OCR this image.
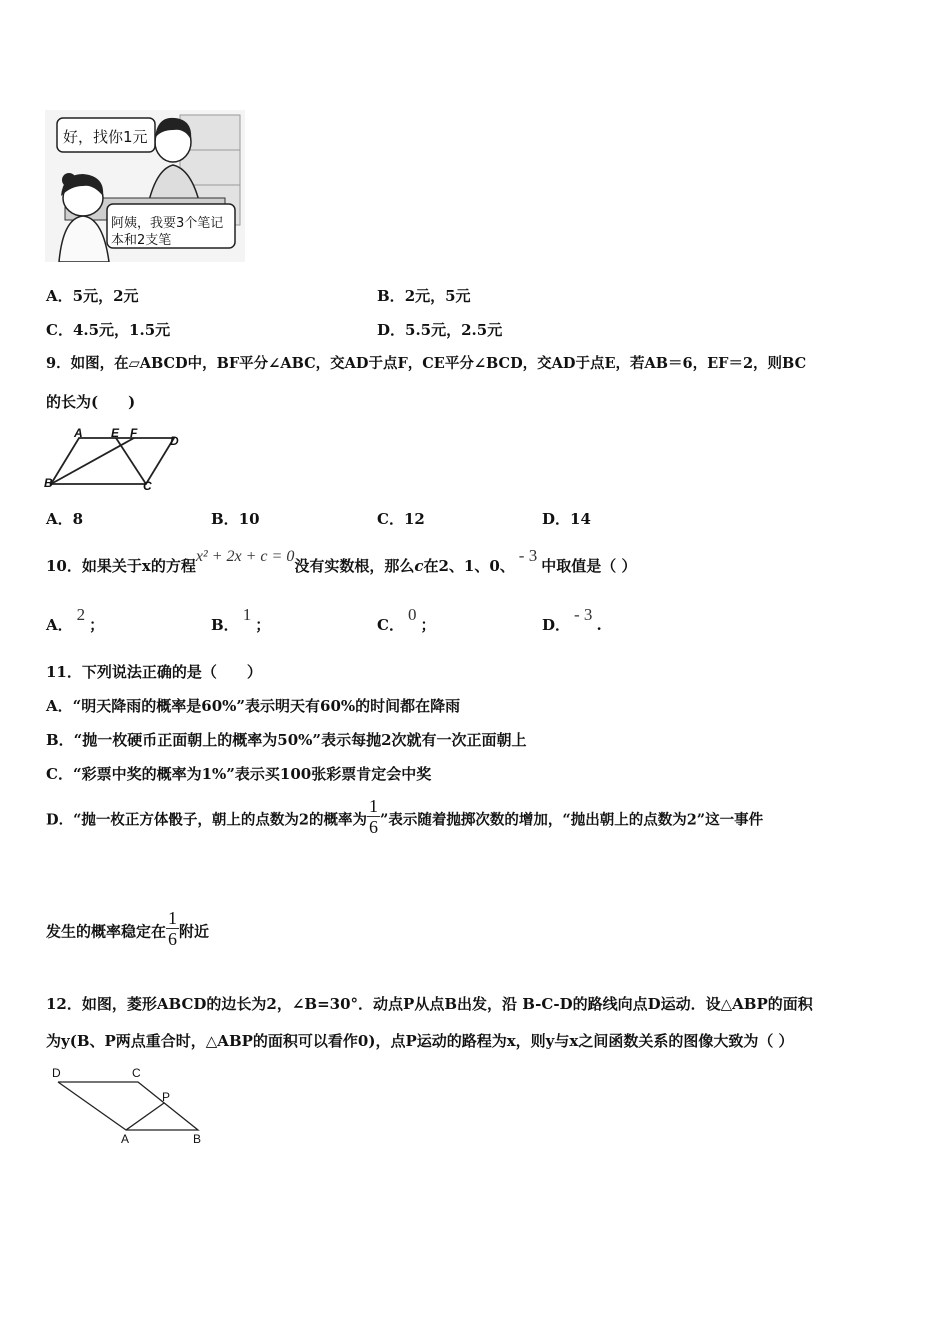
好，找你1元
阿姨，我要3个笔记
本和2支笔
A．5元，2元	B．2元，5元
C．4.5元，1.5元	D．5.5元，2.5元
9．如图，在▱ABCD中，BF平分∠ABC，交AD于点F，CE平分∠BCD，交AD于点E，若AB＝6，EF＝2，则BC
的长为(　　)
A E F
D
B	C
A．8	B．10	C．12	D．14
10．如果关于x的方程x² + 2x + c = 0没有实数根，那么c在2、1、0、- 3中取值是（ ）
A．2；	B．1；	C．0；	D．- 3.
11．下列说法正确的是（　　）
A．“明天降雨的概率是60%”表示明天有60%的时间都在降雨
B．“抛一枚硬币正面朝上的概率为50%”表示每抛2次就有一次正面朝上
C．“彩票中奖的概率为1%”表示买100张彩票肯定会中奖
D．“抛一枚正方体骰子，朝上的点数为2的概率为 $\frac{1}{6}$ ”表示随着抛掷次数的增加，“抛出朝上的点数为2”这一事件
发生的概率稳定在 $\frac{1}{6}$ 附近
12．如图，菱形ABCD的边长为2，∠B=30°．动点P从点B出发，沿 B-C-D的路线向点D运动．设△ABP的面积
为y(B、P两点重合时，△ABP的面积可以看作0)，点P运动的路程为x，则y与x之间函数关系的图像大致为（ ）
D	C
P
A	B
